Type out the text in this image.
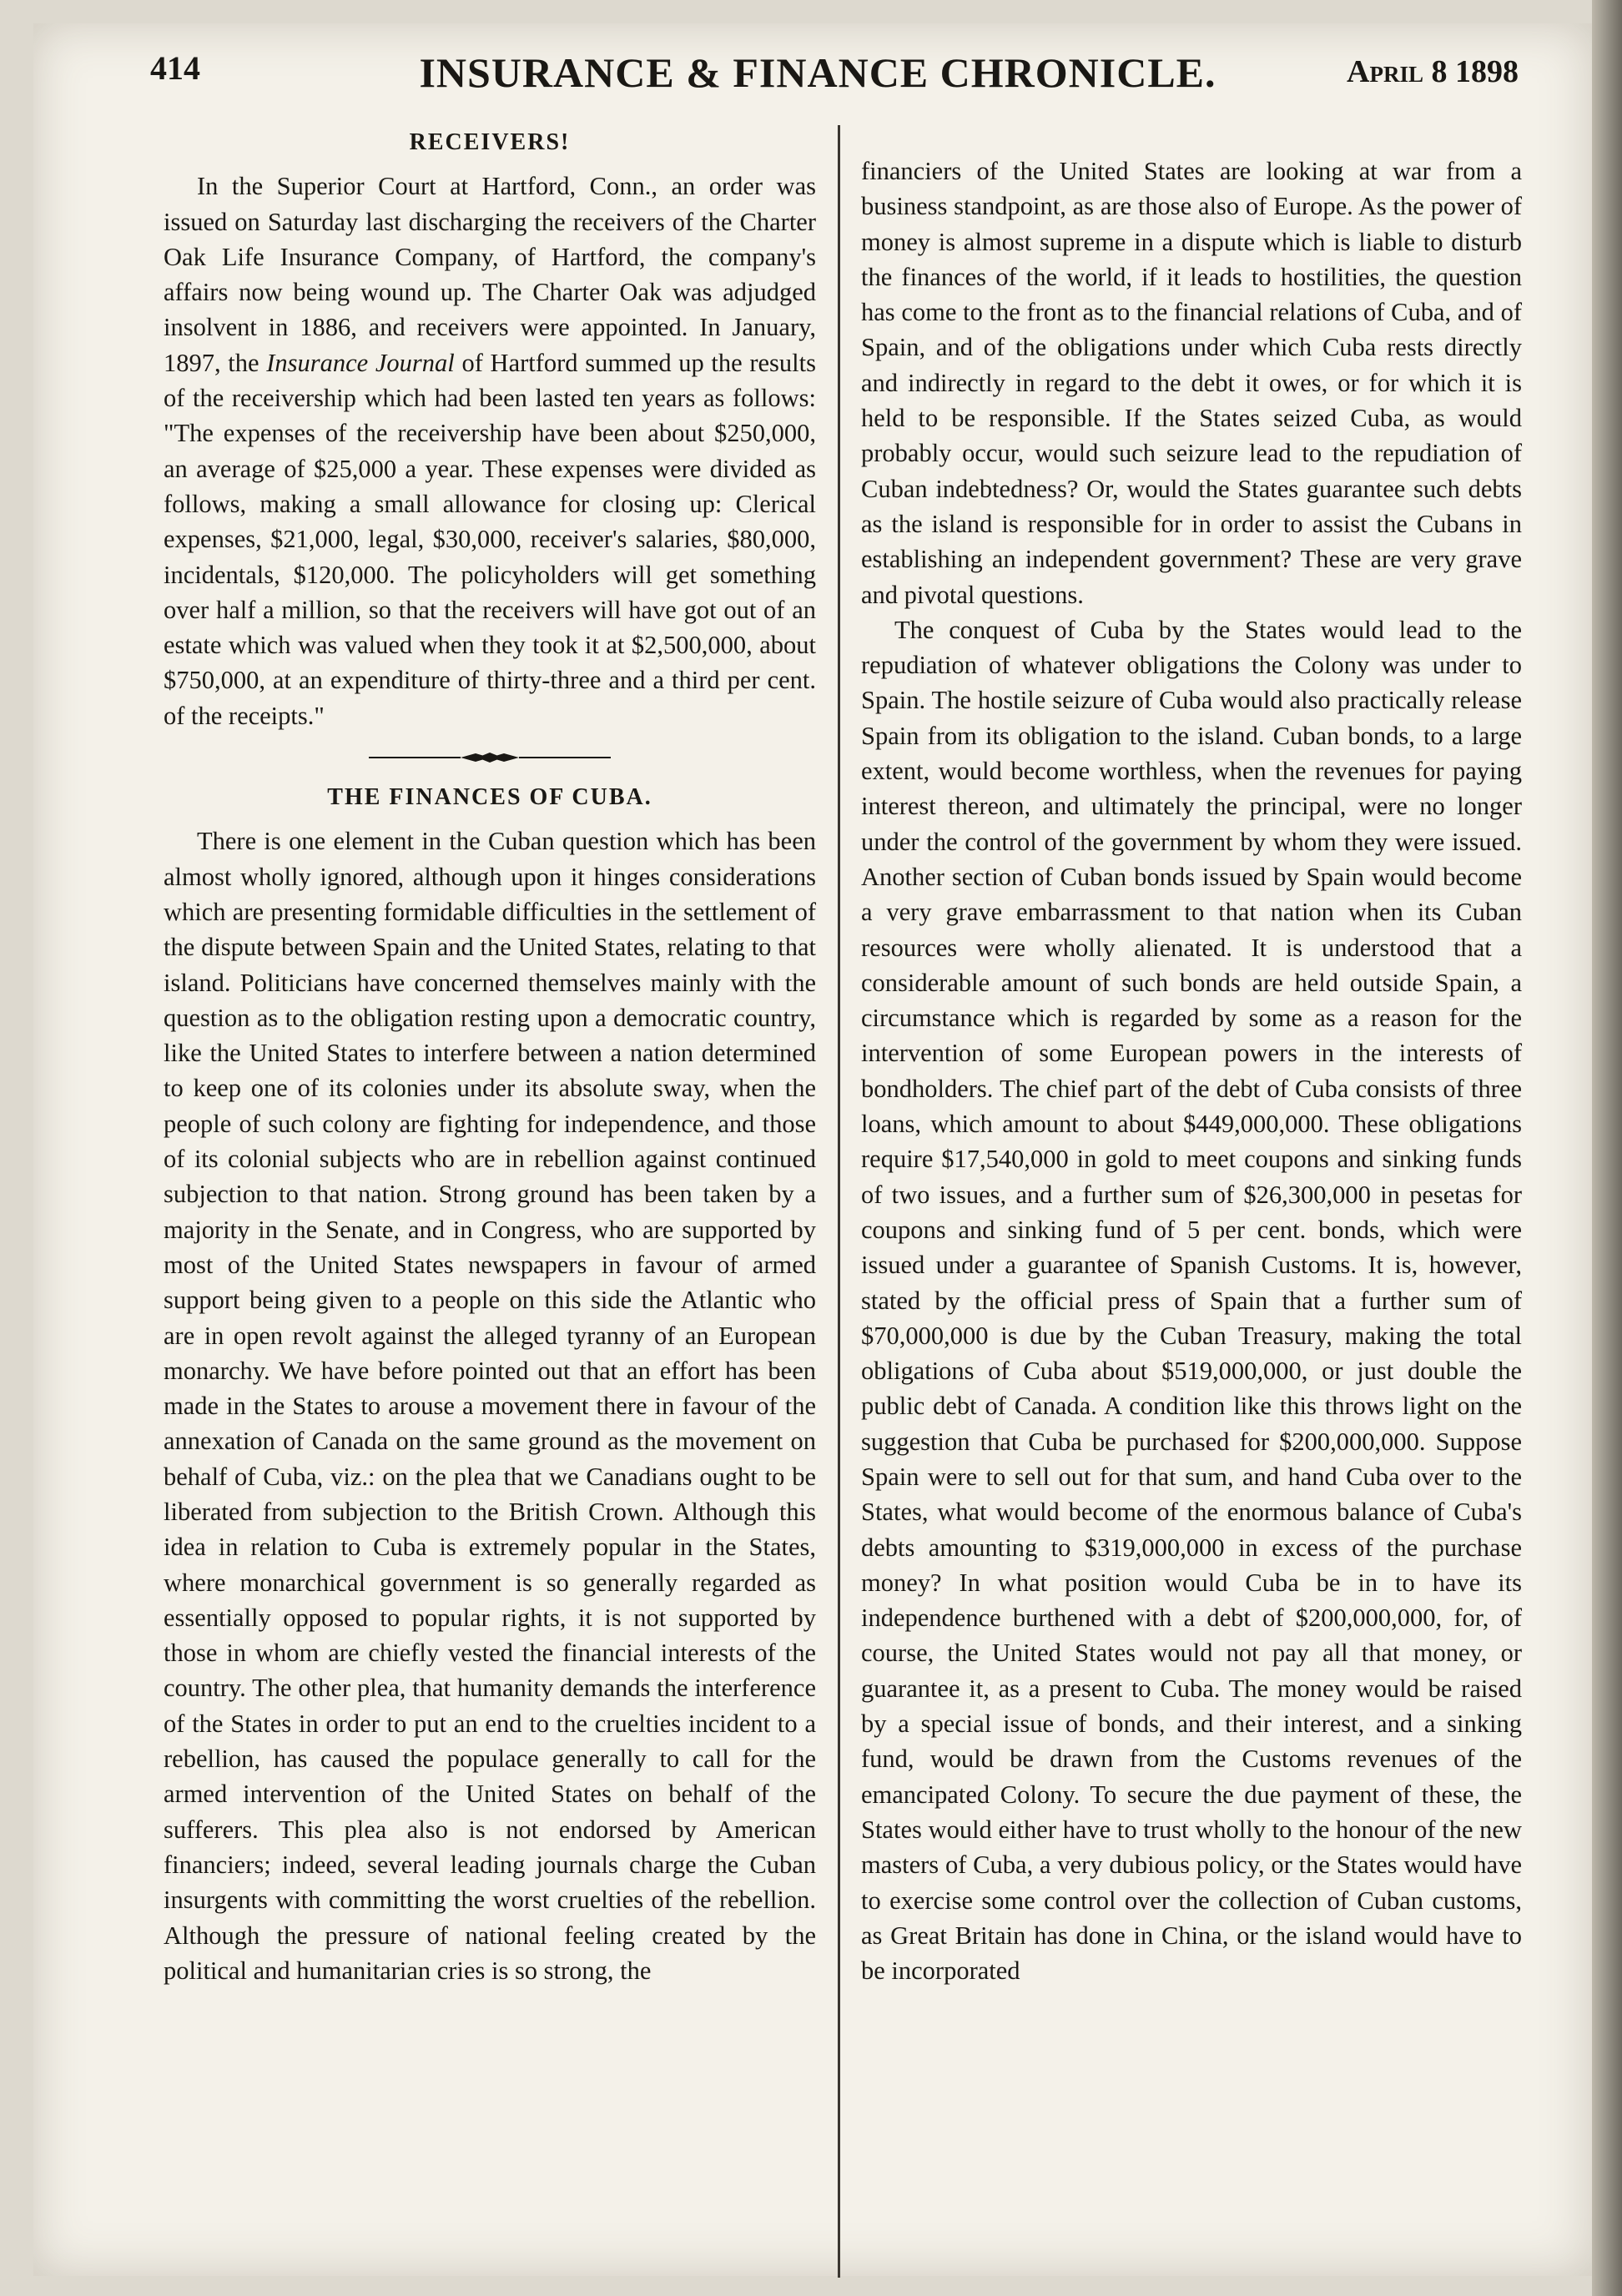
414	INSURANCE & FINANCE CHRONICLE.	April 8 1898
RECEIVERS!

In the Superior Court at Hartford, Conn., an order was issued on Saturday last discharging the receivers of the Charter Oak Life Insurance Company, of Hartford, the company's affairs now being wound up. The Charter Oak was adjudged insolvent in 1886, and receivers were appointed. In January, 1897, the Insurance Journal of Hartford summed up the results of the receivership which had been lasted ten years as follows: "The expenses of the receivership have been about $250,000, an average of $25,000 a year. These expenses were divided as follows, making a small allowance for closing up: Clerical expenses, $21,000, legal, $30,000, receiver's salaries, $80,000, incidentals, $120,000. The policyholders will get something over half a million, so that the receivers will have got out of an estate which was valued when they took it at $2,500,000, about $750,000, at an expenditure of thirty-three and a third per cent. of the receipts."

THE FINANCES OF CUBA.

There is one element in the Cuban question which has been almost wholly ignored, although upon it hinges considerations which are presenting formidable difficulties in the settlement of the dispute between Spain and the United States, relating to that island. Politicians have concerned themselves mainly with the question as to the obligation resting upon a democratic country, like the United States to interfere between a nation determined to keep one of its colonies under its absolute sway, when the people of such colony are fighting for independence, and those of its colonial subjects who are in rebellion against continued subjection to that nation. Strong ground has been taken by a majority in the Senate, and in Congress, who are supported by most of the United States newspapers in favour of armed support being given to a people on this side the Atlantic who are in open revolt against the alleged tyranny of an European monarchy. We have before pointed out that an effort has been made in the States to arouse a movement there in favour of the annexation of Canada on the same ground as the movement on behalf of Cuba, viz.: on the plea that we Canadians ought to be liberated from subjection to the British Crown. Although this idea in relation to Cuba is extremely popular in the States, where monarchical government is so generally regarded as essentially opposed to popular rights, it is not supported by those in whom are chiefly vested the financial interests of the country. The other plea, that humanity demands the interference of the States in order to put an end to the cruelties incident to a rebellion, has caused the populace generally to call for the armed intervention of the United States on behalf of the sufferers. This plea also is not endorsed by American financiers; indeed, several leading journals charge the Cuban insurgents with committing the worst cruelties of the rebellion. Although the pressure of national feeling created by the political and humanitarian cries is so strong, the

financiers of the United States are looking at war from a business standpoint, as are those also of Europe. As the power of money is almost supreme in a dispute which is liable to disturb the finances of the world, if it leads to hostilities, the question has come to the front as to the financial relations of Cuba, and of Spain, and of the obligations under which Cuba rests directly and indirectly in regard to the debt it owes, or for which it is held to be responsible. If the States seized Cuba, as would probably occur, would such seizure lead to the repudiation of Cuban indebtedness? Or, would the States guarantee such debts as the island is responsible for in order to assist the Cubans in establishing an independent government? These are very grave and pivotal questions.

The conquest of Cuba by the States would lead to the repudiation of whatever obligations the Colony was under to Spain. The hostile seizure of Cuba would also practically release Spain from its obligation to the island. Cuban bonds, to a large extent, would become worthless, when the revenues for paying interest thereon, and ultimately the principal, were no longer under the control of the government by whom they were issued. Another section of Cuban bonds issued by Spain would become a very grave embarrassment to that nation when its Cuban resources were wholly alienated. It is understood that a considerable amount of such bonds are held outside Spain, a circumstance which is regarded by some as a reason for the intervention of some European powers in the interests of bondholders. The chief part of the debt of Cuba consists of three loans, which amount to about $449,000,000. These obligations require $17,540,000 in gold to meet coupons and sinking funds of two issues, and a further sum of $26,300,000 in pesetas for coupons and sinking fund of 5 per cent. bonds, which were issued under a guarantee of Spanish Customs. It is, however, stated by the official press of Spain that a further sum of $70,000,000 is due by the Cuban Treasury, making the total obligations of Cuba about $519,000,000, or just double the public debt of Canada. A condition like this throws light on the suggestion that Cuba be purchased for $200,000,000. Suppose Spain were to sell out for that sum, and hand Cuba over to the States, what would become of the enormous balance of Cuba's debts amounting to $319,000,000 in excess of the purchase money? In what position would Cuba be in to have its independence burthened with a debt of $200,000,000, for, of course, the United States would not pay all that money, or guarantee it, as a present to Cuba. The money would be raised by a special issue of bonds, and their interest, and a sinking fund, would be drawn from the Customs revenues of the emancipated Colony. To secure the due payment of these, the States would either have to trust wholly to the honour of the new masters of Cuba, a very dubious policy, or the States would have to exercise some control over the collection of Cuban customs, as Great Britain has done in China, or the island would have to be incorporated
